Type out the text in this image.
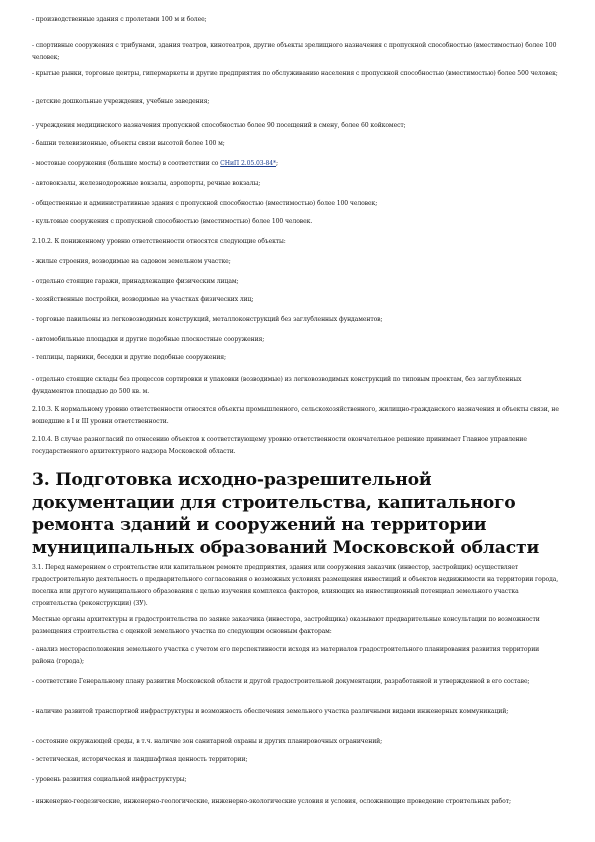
- производственные здания с пролетами 100 м и более;

- спортивные сооружения с трибунами, здания театров, кинотеатров, другие объекты зрелищного назначения с пропускной способностью (вместимостью) более 100 человек;

- крытые рынки, торговые центры, гипермаркеты и другие предприятия по обслуживанию населения с пропускной способностью (вместимостью) более 500 человек;

- детские дошкольные учреждения, учебные заведения;

- учреждения медицинского назначения пропускной способностью более 90 посещений в смену, более 60 койкомест;

- башни телевизионные, объекты связи высотой более 100 м;

- мостовые сооружения (большие мосты) в соответствии со СНиП 2.05.03-84*;

- автовокзалы, железнодорожные вокзалы, аэропорты, речные вокзалы;

- общественные и административные здания с пропускной способностью (вместимостью) более 100 человек;

- культовые сооружения с пропускной способностью (вместимостью) более 100 человек.

2.10.2. К пониженному уровню ответственности относятся следующие объекты:

- жилые строения, возводимые на садовом земельном участке;

- отдельно стоящие гаражи, принадлежащие физическим лицам;

- хозяйственные постройки, возводимые на участках физических лиц;

- торговые павильоны из легковозводимых конструкций, металлоконструкций без заглубленных фундаментов;

- автомобильные площадки и другие подобные плоскостные сооружения;

- теплицы, парники, беседки и другие подобные сооружения;

- отдельно стоящие склады без процессов сортировки и упаковки (возводимые) из легковозводимых конструкций по типовым проектам, без заглубленных фундаментов площадью до 500 кв. м.

2.10.3. К нормальному уровню ответственности относятся объекты промышленного, сельскохозяйственного, жилищно-гражданского назначения и объекты связи, не вошедшие в I и III уровни ответственности.

2.10.4. В случае разногласий по отнесению объектов к соответствующему уровню ответственности окончательное решение принимает Главное управление государственного архитектурного надзора Московской области.

3. Подготовка исходно-разрешительной документации для строительства, капитального ремонта зданий и сооружений на территории муниципальных образований Московской области

3.1. Перед намерением о строительстве или капитальном ремонте предприятия, здания или сооружения заказчик (инвестор, застройщик) осуществляет градостроительную деятельность о предварительного согласования о возможных условиях размещения инвестиций и объектов недвижимости на территории города, поселка или другого муниципального образования с целью изучения комплекса факторов, влияющих на инвестиционный потенциал земельного участка строительства (реконструкции) (ЗУ).

Местные органы архитектуры и градостроительства по заявке заказчика (инвестора, застройщика) оказывают предварительные консультации по возможности размещения строительства с оценкой земельного участка по следующим основным факторам:

- анализ месторасположения земельного участка с учетом его перспективности исходя из материалов градостроительного планирования развития территории района (города);

- соответствие Генеральному плану развития Московской области и другой градостроительной документации, разработанной и утвержденной в его составе;

- наличие развитой транспортной инфраструктуры и возможность обеспечения земельного участка различными видами инженерных коммуникаций;

- состояние окружающей среды, в т.ч. наличие зон санитарной охраны и других планировочных ограничений;

- эстетическая, историческая и ландшафтная ценность территории;

- уровень развития социальной инфраструктуры;

- инженерно-геодезические, инженерно-геологические, инженерно-экологические условия и условия, осложняющие проведение строительных работ;
